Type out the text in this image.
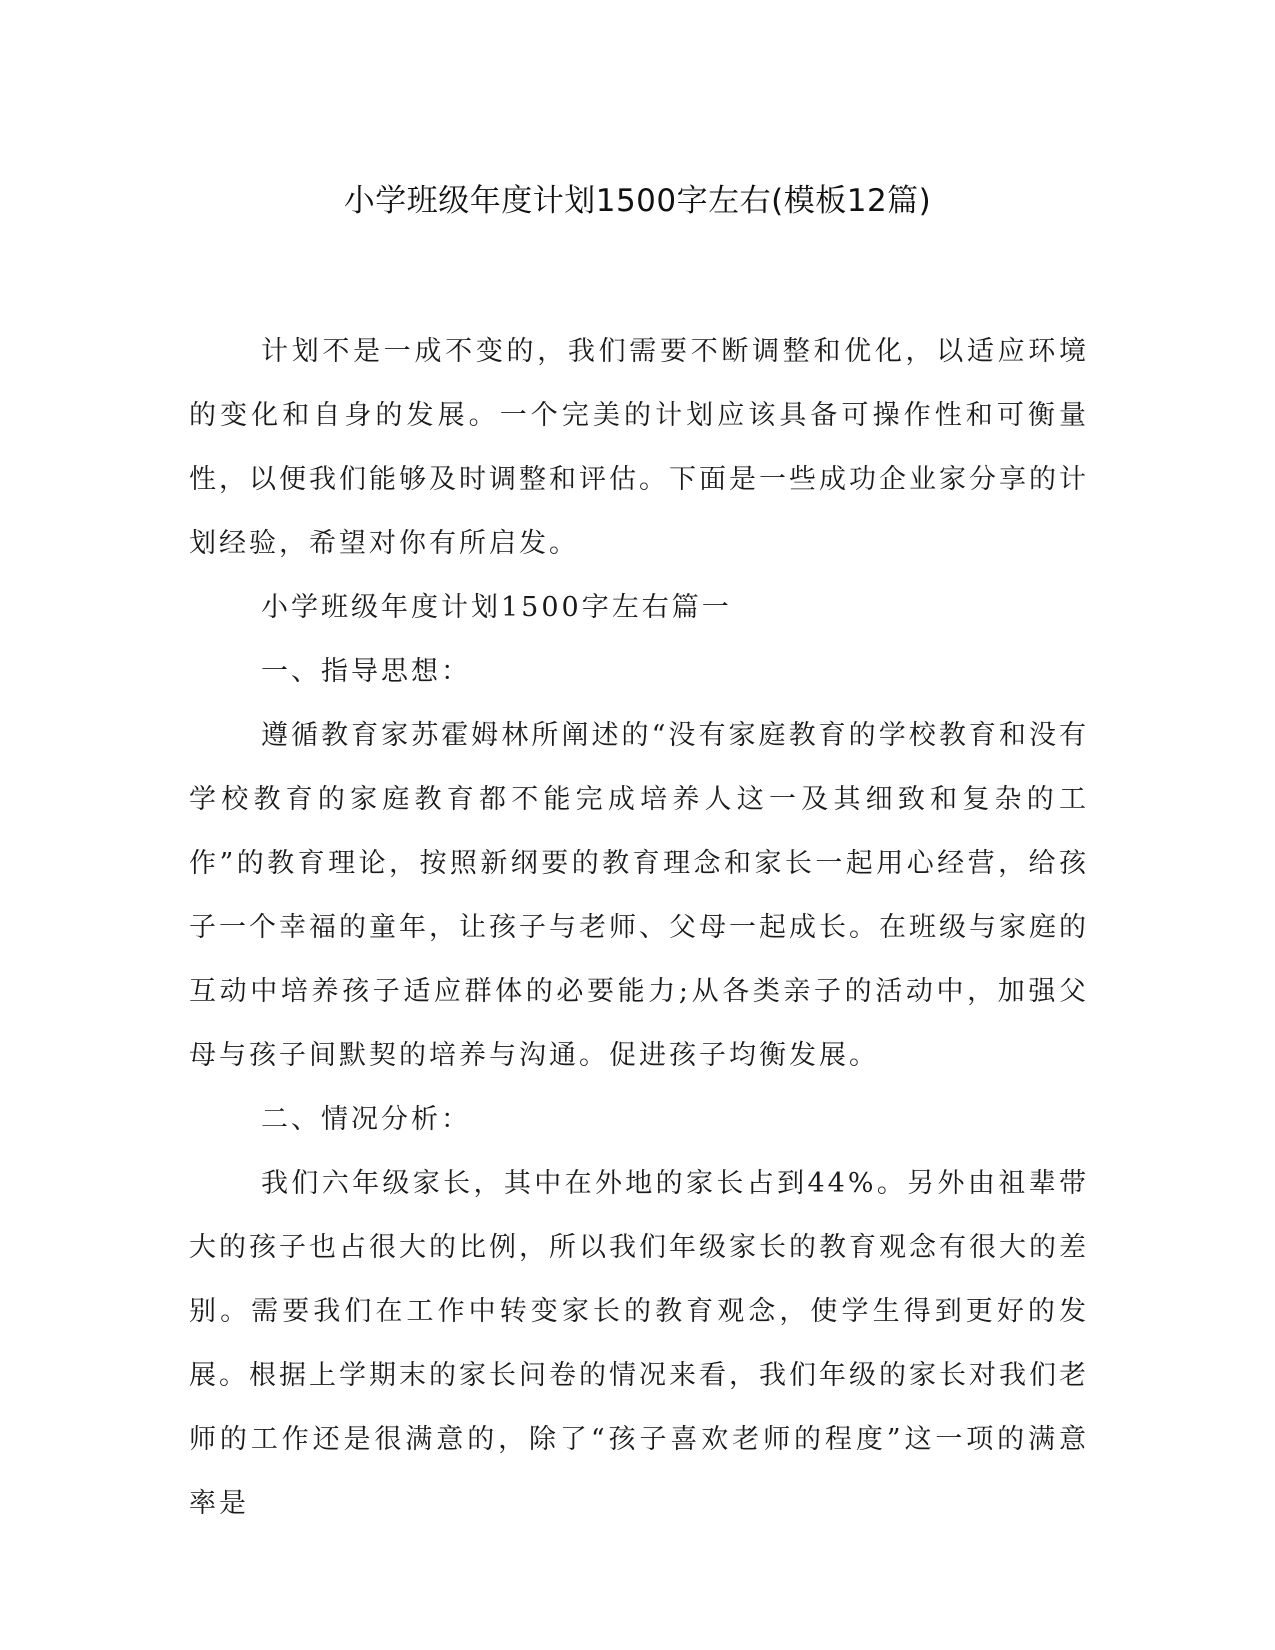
小学班级年度计划1500字左右(模板12篇)

计划不是一成不变的，我们需要不断调整和优化，以适应环境的变化和自身的发展。一个完美的计划应该具备可操作性和可衡量性，以便我们能够及时调整和评估。下面是一些成功企业家分享的计划经验，希望对你有所启发。

小学班级年度计划1500字左右篇一

一、指导思想：

遵循教育家苏霍姆林所阐述的“没有家庭教育的学校教育和没有学校教育的家庭教育都不能完成培养人这一及其细致和复杂的工作”的教育理论，按照新纲要的教育理念和家长一起用心经营，给孩子一个幸福的童年，让孩子与老师、父母一起成长。在班级与家庭的互动中培养孩子适应群体的必要能力;从各类亲子的活动中，加强父母与孩子间默契的培养与沟通。促进孩子均衡发展。

二、情况分析：

我们六年级家长，其中在外地的家长占到44%。另外由祖辈带大的孩子也占很大的比例，所以我们年级家长的教育观念有很大的差别。需要我们在工作中转变家长的教育观念，使学生得到更好的发展。根据上学期末的家长问卷的情况来看，我们年级的家长对我们老师的工作还是很满意的，除了“孩子喜欢老师的程度”这一项的满意率是
